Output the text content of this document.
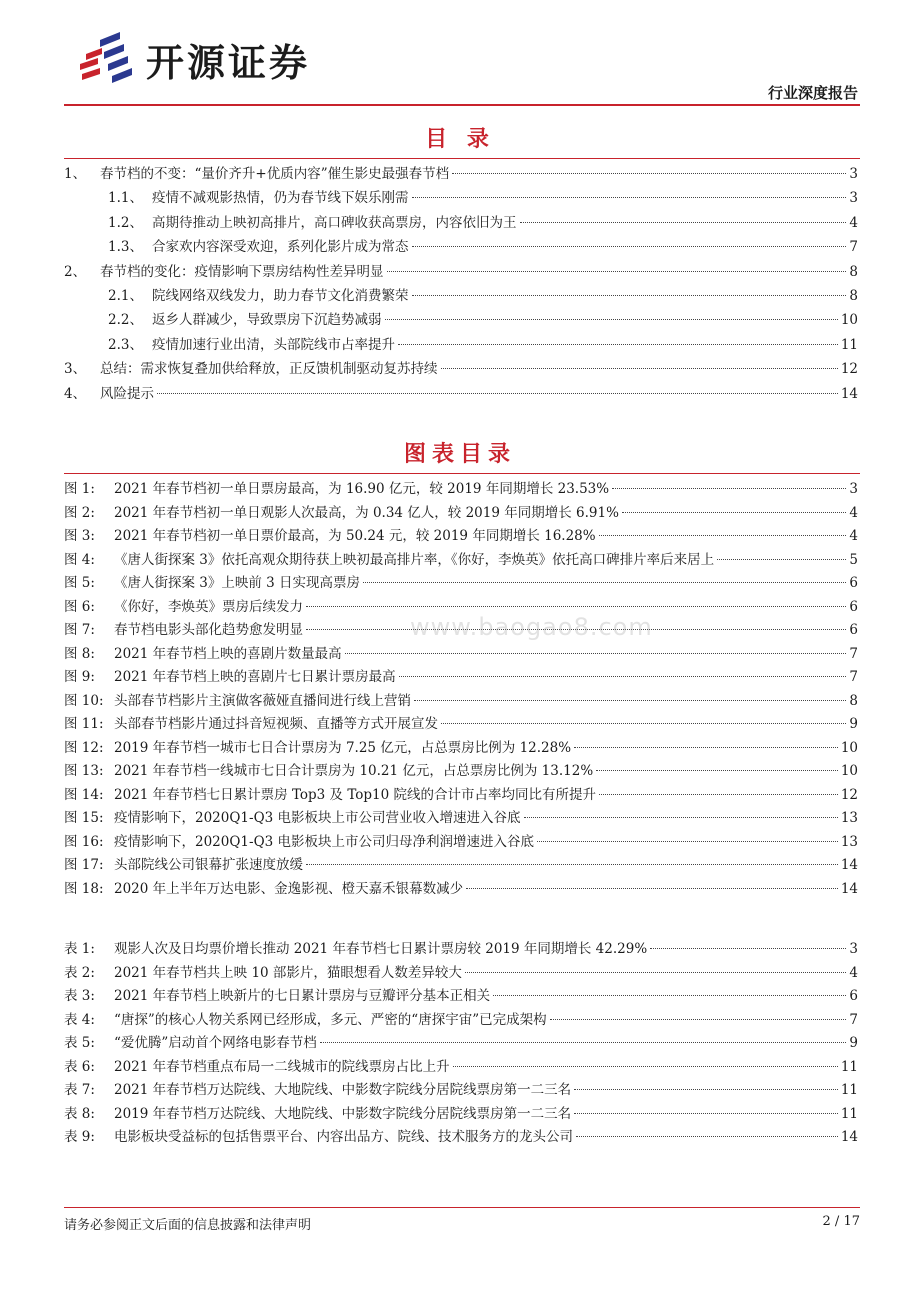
开源证券
行业深度报告
目 录
1、	春节档的不变：“量价齐升+优质内容”催生影史最强春节档	3
1.1、 疫情不减观影热情，仍为春节线下娱乐刚需	3
1.2、 高期待推动上映初高排片，高口碑收获高票房，内容依旧为王	4
1.3、 合家欢内容深受欢迎，系列化影片成为常态	7
2、	春节档的变化：疫情影响下票房结构性差异明显	8
2.1、 院线网络双线发力，助力春节文化消费繁荣	8
2.2、 返乡人群减少，导致票房下沉趋势减弱	10
2.3、 疫情加速行业出清，头部院线市占率提升	11
3、	总结：需求恢复叠加供给释放，正反馈机制驱动复苏持续	12
4、	风险提示	14
图表目录
图 1:	2021 年春节档初一单日票房最高，为 16.90 亿元，较 2019 年同期增长 23.53%	3
图 2:	2021 年春节档初一单日观影人次最高，为 0.34 亿人，较 2019 年同期增长 6.91%	4
图 3:	2021 年春节档初一单日票价最高，为 50.24 元，较 2019 年同期增长 16.28%	4
图 4:	《唐人街探案 3》依托高观众期待获上映初最高排片率，《你好，李焕英》依托高口碑排片率后来居上	5
图 5:	《唐人街探案 3》上映前 3 日实现高票房	6
图 6:	《你好，李焕英》票房后续发力	6
图 7:	春节档电影头部化趋势愈发明显	6
图 8:	2021 年春节档上映的喜剧片数量最高	7
图 9:	2021 年春节档上映的喜剧片七日累计票房最高	7
图 10: 头部春节档影片主演做客薇娅直播间进行线上营销	8
图 11: 头部春节档影片通过抖音短视频、直播等方式开展宣发	9
图 12: 2019 年春节档一城市七日合计票房为 7.25 亿元，占总票房比例为 12.28%	10
图 13: 2021 年春节档一线城市七日合计票房为 10.21 亿元，占总票房比例为 13.12%	10
图 14: 2021 年春节档七日累计票房 Top3 及 Top10 院线的合计市占率均同比有所提升	12
图 15: 疫情影响下，2020Q1-Q3 电影板块上市公司营业收入增速进入谷底	13
图 16: 疫情影响下，2020Q1-Q3 电影板块上市公司归母净利润增速进入谷底	13
图 17: 头部院线公司银幕扩张速度放缓	14
图 18: 2020 年上半年万达电影、金逸影视、橙天嘉禾银幕数减少	14
表 1:	观影人次及日均票价增长推动 2021 年春节档七日累计票房较 2019 年同期增长 42.29%	3
表 2:	2021 年春节档共上映 10 部影片，猫眼想看人数差异较大	4
表 3:	2021 年春节档上映新片的七日累计票房与豆瓣评分基本正相关	6
表 4:	“唐探”的核心人物关系网已经形成，多元、严密的“唐探宇宙”已完成架构	7
表 5:	“爱优腾”启动首个网络电影春节档	9
表 6:	2021 年春节档重点布局一二线城市的院线票房占比上升	11
表 7:	2021 年春节档万达院线、大地院线、中影数字院线分居院线票房第一二三名	11
表 8:	2019 年春节档万达院线、大地院线、中影数字院线分居院线票房第一二三名	11
表 9:	电影板块受益标的包括售票平台、内容出品方、院线、技术服务方的龙头公司	14
www.baogao8.com
请务必参阅正文后面的信息披露和法律声明	2 / 17
